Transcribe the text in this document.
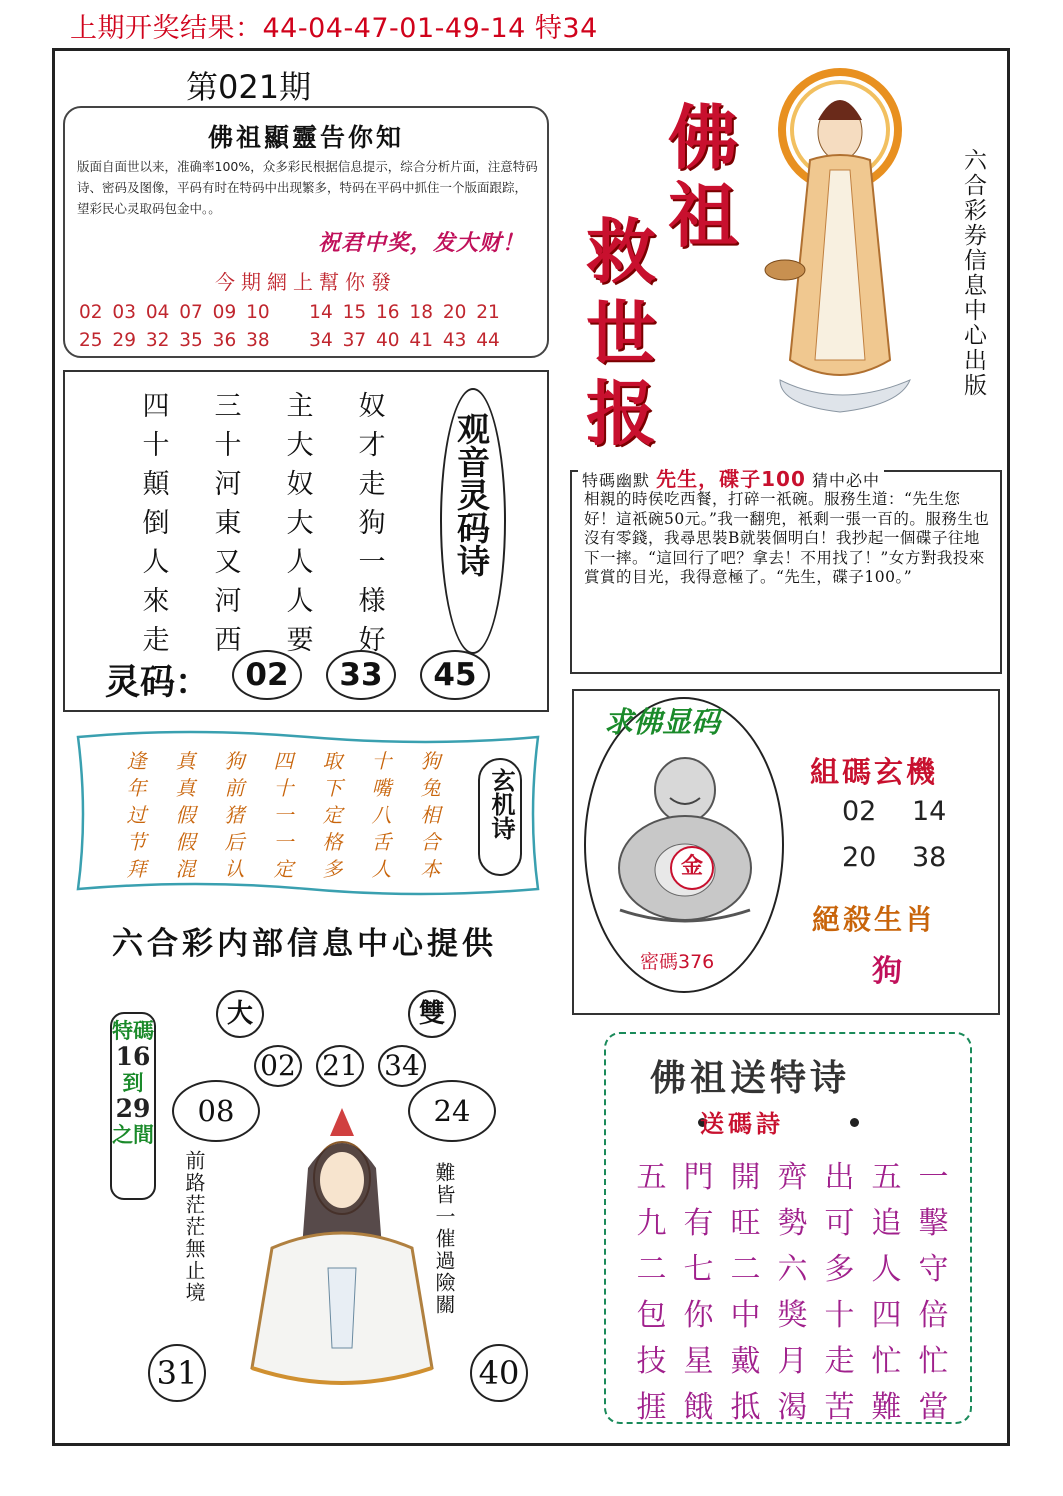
上期开奖结果：44-04-47-01-49-14 特34
第021期
佛祖顯靈告你知
版面自面世以来，准确率100%，众多彩民根据信息提示，综合分析片面，注意特码诗、密码及图像，平码有时在特码中出现繁多，特码在平码中抓住一个版面跟踪，望彩民心灵取码包金中。。
祝君中奖，发大财！
今期網上幫你發
02 03 04 07 09 10    14 15 16 18 20 21
25 29 32 35 36 38    34 37 40 41 43 44
佛
祖
救
世
报
六合彩券信息中心出版
四	三	主	奴
十	十	大	才
顛	河	奴	走
倒	東	大	狗
人	又	人	一
來	河	人	様
走	西	要	好
观音灵码诗
灵码：	02	33	45
特碼幽默 先生，碟子100 猜中必中
相親的時侯吃西餐，打碎一祇碗。服務生道：“先生您好！這祇碗50元。”我一翻兜，衹剩一張一百的。服務生也沒有零錢，我尋思裝B就裝個明白！我抄起一個碟子往地下一摔。“這回行了吧？拿去！不用找了！”女方對我投來賞賞的目光，我得意極了。“先生，碟子100。”
逢	真	狗	四	取	十	狗
年	真	前	十	下	嘴	兔
过	假	猪	一	定	八	相
节	假	后	一	格	舌	合
拜	混	认	定	多	人	本
玄机诗
六合彩内部信息中心提供
求佛显码
金
密碼376
組碼玄機
02 14
20 38
絕殺生肖
狗
大	雙
02 21 34
08	24
特碼
16
到
29
之間
前路茫茫無止境	難皆一催過險關
31	40
佛祖送特诗
送碼詩
五 門 開 齊 出 五 一
九 有 旺 勢 可 追 擊
二 七 二 六 多 人 守
包 你 中 獎 十 四 倍
技 星 戴 月 走 忙 忙
捱 餓 抵 渴 苦 難 當
